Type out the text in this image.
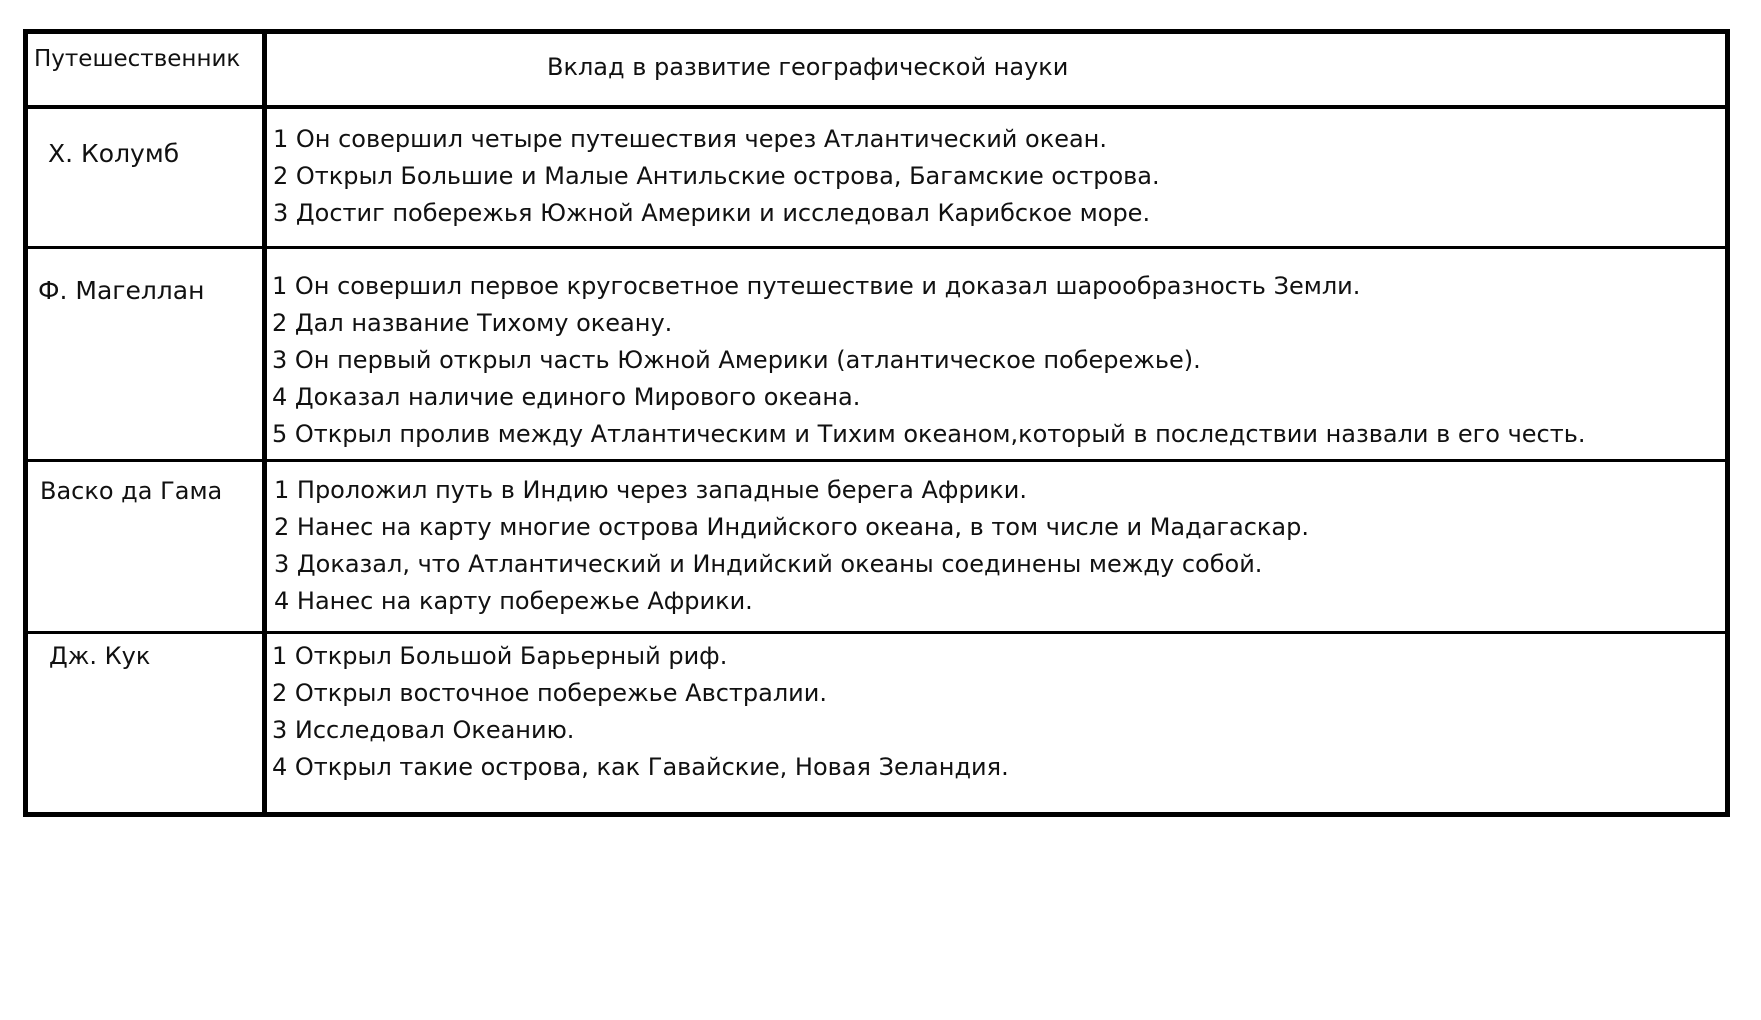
Путешественник	Вклад в развитие географической науки
Х. Колумб	1 Он совершил четыре путешествия через Атлантический океан.
2 Открыл Большие и Малые Антильские острова, Багамские острова.
3 Достиг побережья Южной Америки и исследовал Карибское море.
Ф. Магеллан	1 Он совершил первое кругосветное путешествие и доказал шарообразность Земли.
2 Дал название Тихому океану.
3 Он первый открыл часть Южной Америки (атлантическое побережье).
4 Доказал наличие единого Мирового океана.
5 Открыл пролив между Атлантическим и Тихим океаном,который в последствии назвали в его честь.
Васко да Гама 1 Проложил путь в Индию через западные берега Африки.
2 Нанес на карту многие острова Индийского океана, в том числе и Мадагаскар.
3 Доказал, что Атлантический и Индийский океаны соединены между собой.
4 Нанес на карту побережье Африки.
Дж. Кук	1 Открыл Большой Барьерный риф.
2 Открыл восточное побережье Австралии.
3 Исследовал Океанию.
4 Открыл такие острова, как Гавайские, Новая Зеландия.
